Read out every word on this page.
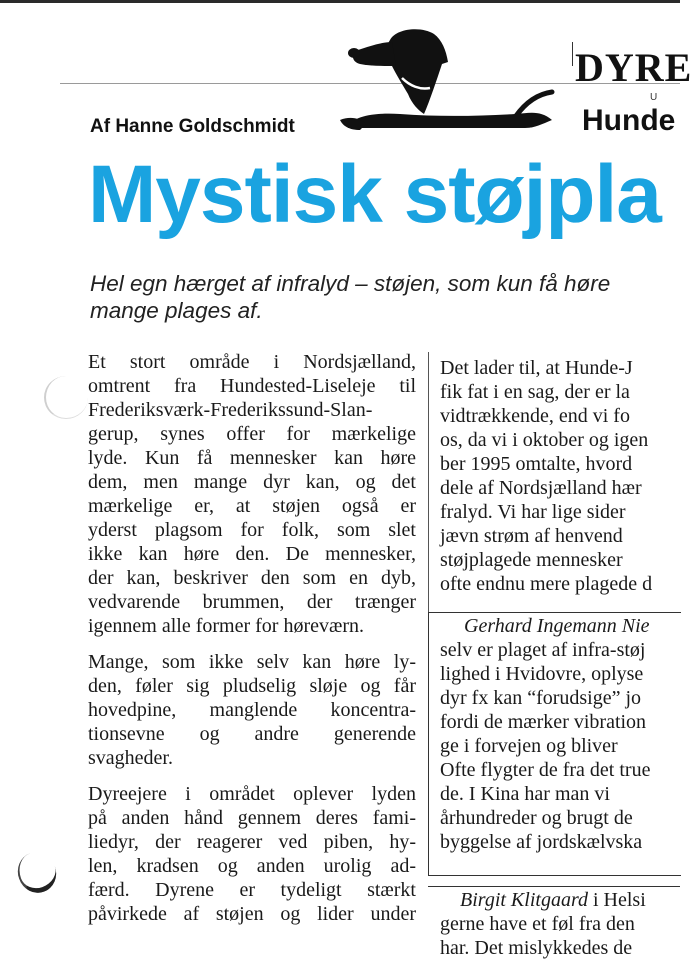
DYRE
U
Hunde
Af Hanne Goldschmidt
Mystisk støjpla
Hel egn hærget af infralyd – støjen, som kun få høre
mange plages af.
Et stort område i Nordsjælland,
omtrent fra Hundested-Liseleje til
Frederiksværk-Frederikssund-Slan-
gerup, synes offer for mærkelige
lyde. Kun få mennesker kan høre
dem, men mange dyr kan, og det
mærkelige er, at støjen også er
yderst plagsom for folk, som slet
ikke kan høre den. De mennesker,
der kan, beskriver den som en dyb,
vedvarende brummen, der trænger
igennem alle former for høreværn.
Mange, som ikke selv kan høre ly-
den, føler sig pludselig sløje og får
hovedpine, manglende koncentra-
tionsevne og andre generende
svagheder.
Dyreejere i området oplever lyden
på anden hånd gennem deres fami-
liedyr, der reagerer ved piben, hy-
len, kradsen og anden urolig ad-
færd. Dyrene er tydeligt stærkt
påvirkede af støjen og lider under
Det lader til, at Hunde-J
fik fat i en sag, der er la
vidtrækkende, end vi fo
os, da vi i oktober og igen
ber 1995 omtalte, hvord
dele af Nordsjælland hær
fralyd. Vi har lige sider
jævn strøm af henvend
støjplagede mennesker
ofte endnu mere plagede d
Gerhard Ingemann Nie
selv er plaget af infra-støj
lighed i Hvidovre, oplyse
dyr fx kan “forudsige” jo
fordi de mærker vibration
ge i forvejen og bliver
Ofte flygter de fra det true
de. I Kina har man vi
århundreder og brugt de
byggelse af jordskælvska
Birgit Klitgaard i Helsi
gerne have et føl fra den
har. Det mislykkedes de
